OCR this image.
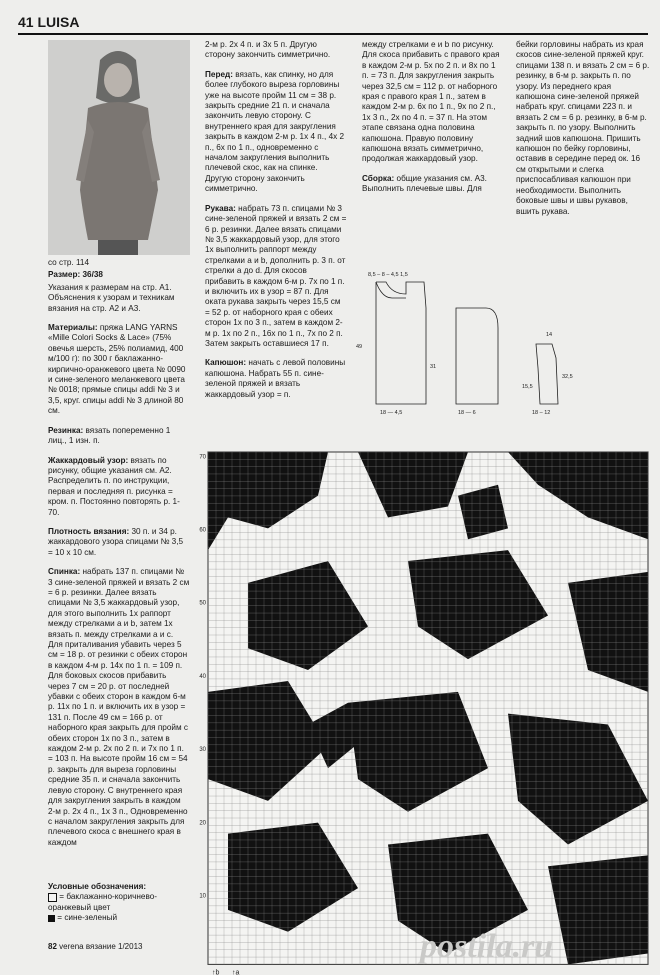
41 LUISA

со стр. 114

Размер: 36/38

Указания к размерам на стр. А1. Объяснения к узорам и техникам вязания на стр. А2 и А3.

Материалы: пряжа LANG YARNS «Mille Colori Socks & Lace» (75% овечья шерсть, 25% полиамид, 400 м/100 г): по 300 г баклажанно-кирпично-оранжевого цвета № 0090 и сине-зеленого меланжевого цвета № 0018; прямые спицы addi № 3 и 3,5, круг. спицы addi № 3 длиной 80 см.

Резинка: вязать попеременно 1 лиц., 1 изн. п.

Жаккардовый узор: вязать по рисунку, общие указания см. А2. Распределить п. по инструкции, первая и последняя п. рисунка = кром. п. Постоянно повторять р. 1-70.

Плотность вязания: 30 п. и 34 р. жаккардового узора спицами № 3,5 = 10 x 10 см.

Спинка: набрать 137 п. спицами № 3 сине-зеленой пряжей и вязать 2 см = 6 р. резинки. Далее вязать спицами № 3,5 жаккардовый узор, для этого выполнить 1х раппорт между стрелками a и b, затем 1х вязать п. между стрелками а и с. Для приталивания убавить через 5 см = 18 р. от резинки с обеих сторон в каждом 4-м р. 14х по 1 п. = 109 п. Для боковых скосов прибавить через 7 см = 20 р. от последней убавки с обеих сторон в каждом 6-м р. 11х по 1 п. и включить их в узор = 131 п. После 49 см = 166 р. от наборного края закрыть для пройм с обеих сторон 1х по 3 п., затем в каждом 2-м р. 2х по 2 п. и 7х по 1 п. = 103 п. На высоте пройм 16 см = 54 р. закрыть для выреза горловины средние 35 п. и сначала закончить левую сторону. С внутреннего края для закругления закрыть в каждом 2-м р. 2х 4 п., 1х 3 п., Одновременно с началом закругления закрыть для плечевого скоса с внешнего края в каждом

2-м р. 2х 4 п. и 3х 5 п. Другую сторону закончить симметрично.

Перед: вязать, как спинку, но для более глубокого выреза горловины уже на высоте пройм 11 см = 38 р. закрыть средние 21 п. и сначала закончить левую сторону. С внутреннего края для закругления закрыть в каждом 2-м р. 1х 4 п., 4х 2 п., 6х по 1 п., одновременно с началом закругления выполнить плечевой скос, как на спинке. Другую сторону закончить симметрично.

Рукава: набрать 73 п. спицами № 3 сине-зеленой пряжей и вязать 2 см = 6 р. резинки. Далее вязать спицами № 3,5 жаккардовый узор, для этого 1х выполнить раппорт между стрелками a и b, дополнить р. 3 п. от стрелки a до d. Для скосов прибавить в каждом 6-м р. 7х по 1 п. и включить их в узор = 87 п. Для оката рукава закрыть через 15,5 см = 52 р. от наборного края с обеих сторон 1х по 3 п., затем в каждом 2-м р. 1х по 2 п., 16х по 1 п., 7х по 2 п. Затем закрыть оставшиеся 17 п.

Капюшон: начать с левой половины капюшона. Набрать 55 п. сине-зеленой пряжей и вязать жаккардовый узор = п.

между стрелками e и b по рисунку. Для скоса прибавить с правого края в каждом 2-м р. 5х по 2 п. и 8х по 1 п. = 73 п. Для закругления закрыть через 32,5 см = 112 р. от наборного края с правого края 1 п., затем в каждом 2-м р. 6х по 1 п., 9х по 2 п., 1х 3 п., 2х по 4 п. = 37 п. На этом этапе связана одна половина капюшона. Правую половину капюшона вязать симметрично, продолжая жаккардовый узор.

Сборка: общие указания см. А3. Выполнить плечевые швы. Для

бейки горловины набрать из края скосов сине-зеленой пряжей круг. спицами 138 п. и вязать 2 см = 6 р. резинку, в 6-м р. закрыть п. по узору. Из переднего края капюшона сине-зеленой пряжей набрать круг. спицами 223 п. и вязать 2 см = 6 р. резинку, в 6-м р. закрыть п. по узору. Выполнить задний шов капюшона. Пришить капюшон по бейку горловины, оставив в середине перед ок. 16 см открытыми и слегка приспосабливая капюшон при необходимости. Выполнить боковые швы и швы рукавов, вшить рукава.

8,5 – 8 – 4,5 1,5
49
31
18 — 4,5	18 — 6
14
32,5
18 – 12
15,5
10
20
30
40
50
60
70
↑b ↑a
Условные обозначения:
= баклажанно-коричнево-оранжевый цвет
= сине-зеленый
82 verena вязание 1/2013	postila.ru
